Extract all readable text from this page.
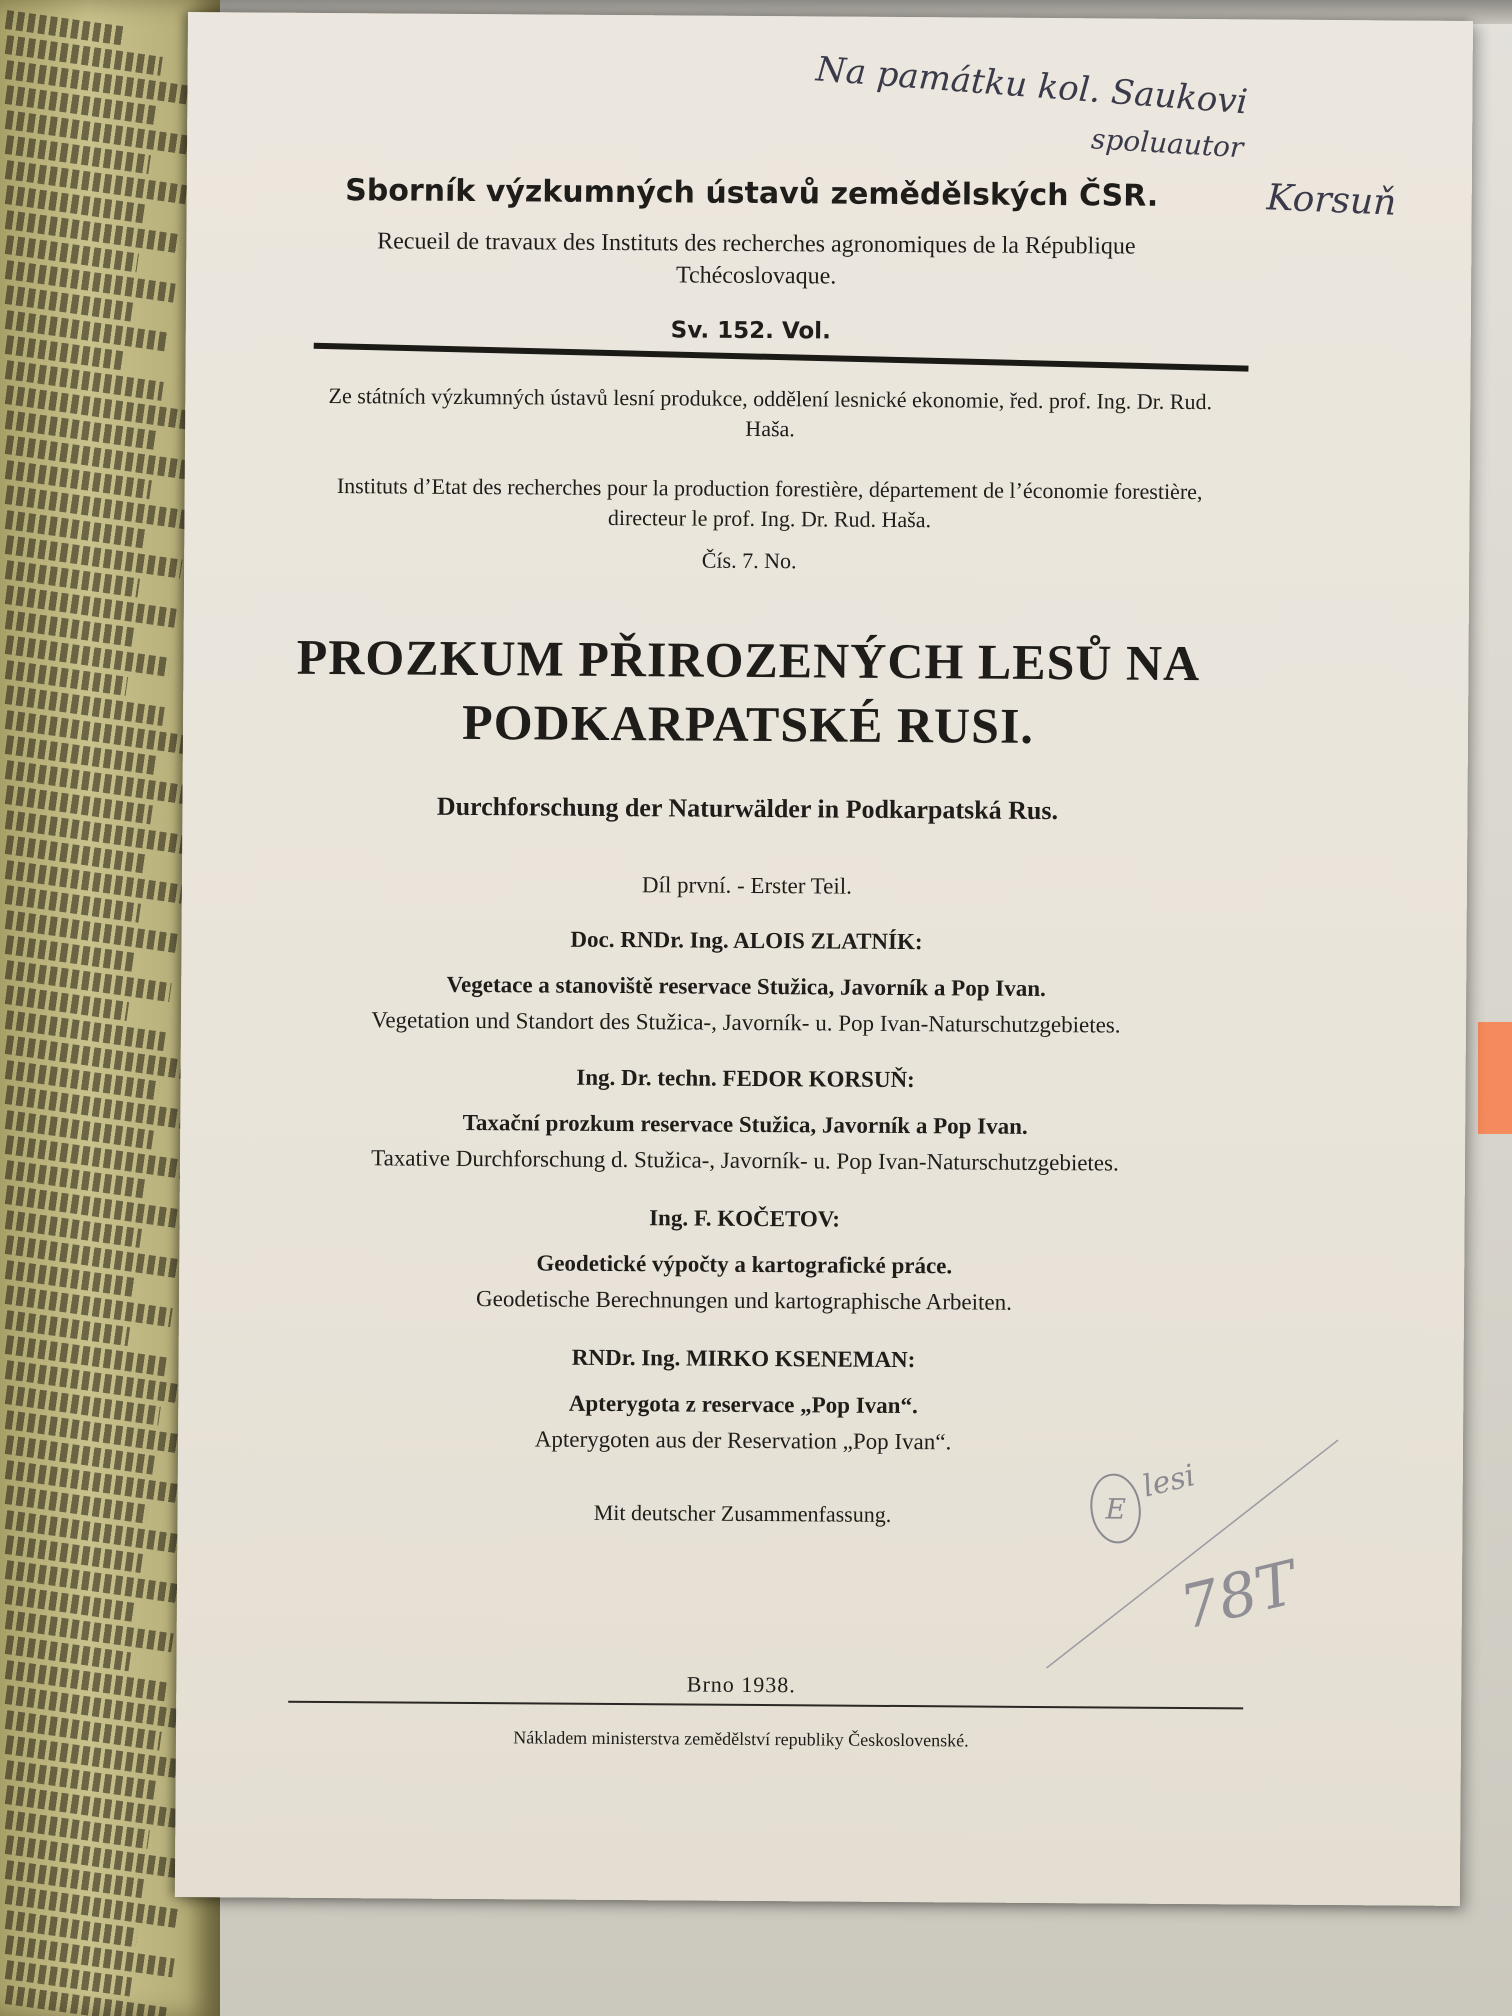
Na památku kol. Saukovi
spoluautor
Korsuň
Sborník výzkumných ústavů zemědělských ČSR.
Recueil de travaux des Instituts des recherches agronomiques de la République Tchécoslovaque.
Sv. 152. Vol.
Ze státních výzkumných ústavů lesní produkce, oddělení lesnické ekonomie, řed. prof. Ing. Dr. Rud. Haša.
Instituts d’Etat des recherches pour la production forestière, département de l’économie forestière, directeur le prof. Ing. Dr. Rud. Haša.
Čís. 7. No.
PROZKUM PŘIROZENÝCH LESŮ NA PODKARPATSKÉ RUSI.
Durchforschung der Naturwälder in Podkarpatská Rus.
Díl první. - Erster Teil.
Doc. RNDr. Ing. ALOIS ZLATNÍK:
Vegetace a stanoviště reservace Stužica, Javorník a Pop Ivan.
Vegetation und Standort des Stužica-, Javorník- u. Pop Ivan-Naturschutzgebietes.
Ing. Dr. techn. FEDOR KORSUŇ:
Taxační prozkum reservace Stužica, Javorník a Pop Ivan.
Taxative Durchforschung d. Stužica-, Javorník- u. Pop Ivan-Naturschutzgebietes.
Ing. F. KOČETOV:
Geodetické výpočty a kartografické práce.
Geodetische Berechnungen und kartographische Arbeiten.
RNDr. Ing. MIRKO KSENEMAN:
Apterygota z reservace „Pop Ivan“.
Apterygoten aus der Reservation „Pop Ivan“.
Mit deutscher Zusammenfassung.	E
lesi
78T
Brno 1938.
Nákladem ministerstva zemědělství republiky Československé.
